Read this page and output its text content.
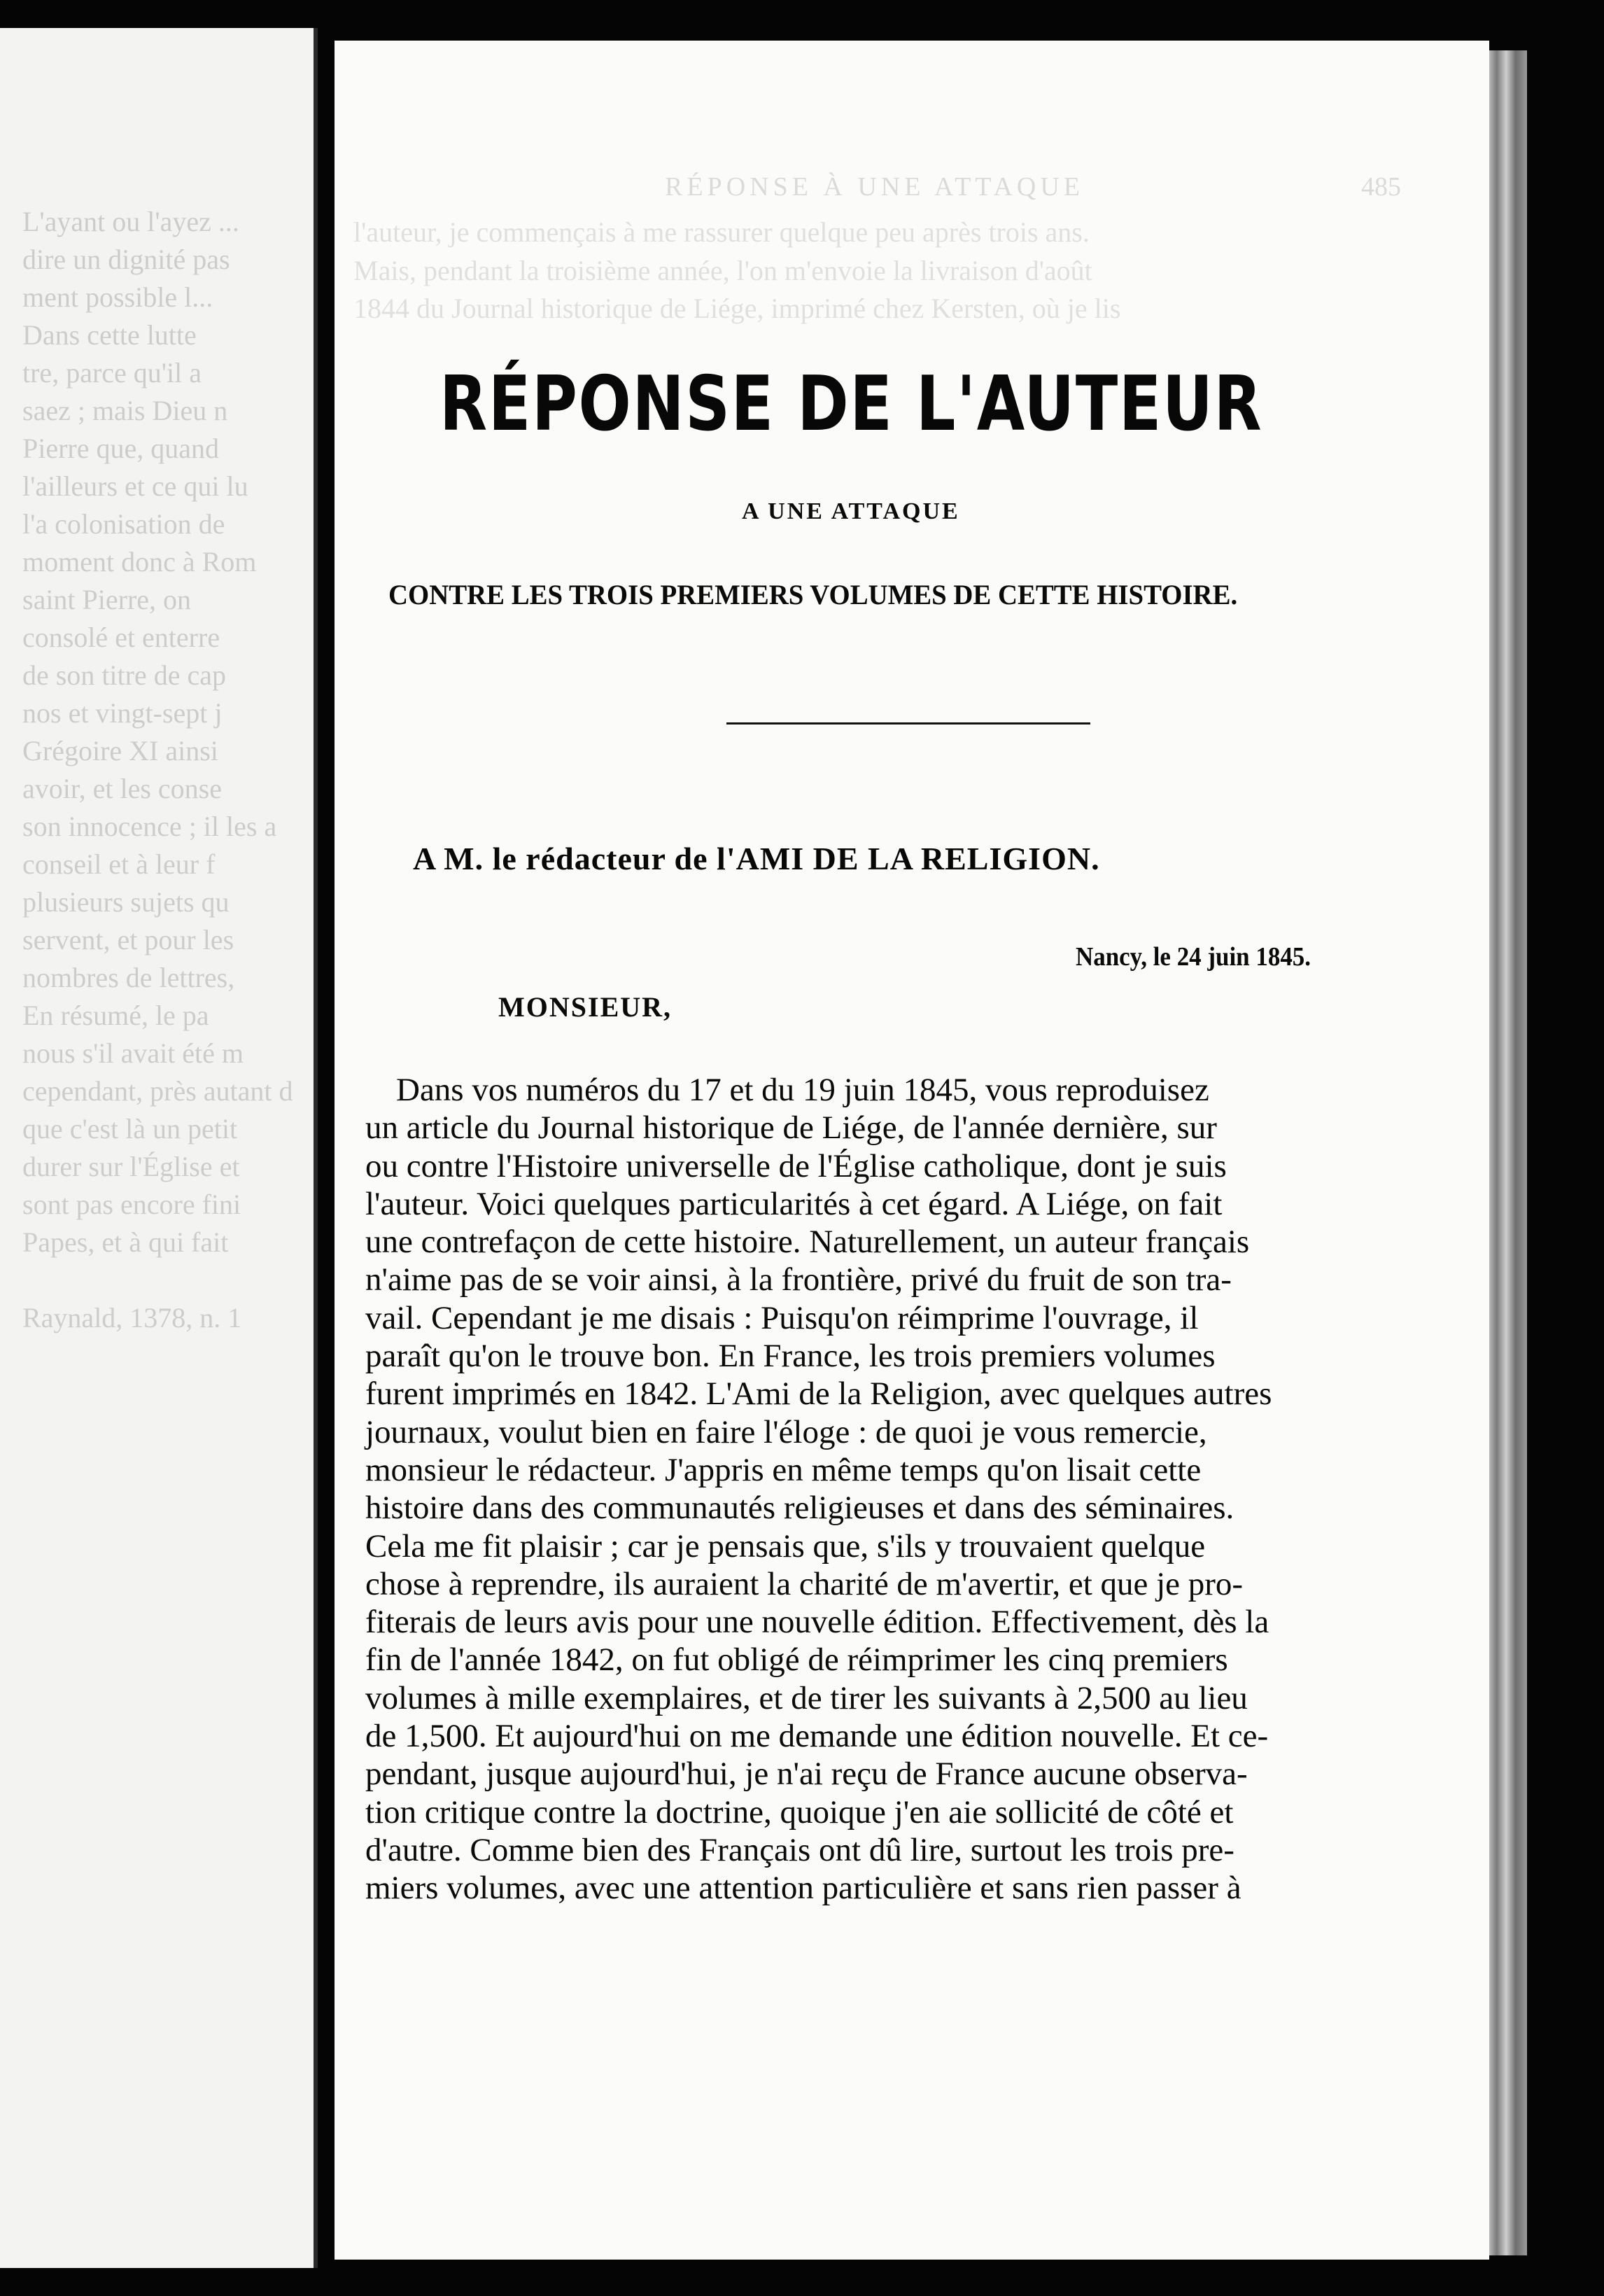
L'ayant ou l'ayez ...
dire un dignité pas
ment possible l...
Dans cette lutte
tre, parce qu'il a
saez ; mais Dieu n
Pierre que, quand
l'ailleurs et ce qui lu
l'a colonisation de
moment donc à Rom
saint Pierre, on
consolé et enterre
de son titre de cap
nos et vingt-sept j
Grégoire XI ainsi
avoir, et les conse
son innocence ; il les a
conseil et à leur f
plusieurs sujets qu
servent, et pour les
nombres de lettres,
En résumé, le pa
nous s'il avait été m
cependant, près autant d
que c'est là un petit
durer sur l'Église et
sont pas encore fini
Papes, et à qui fait

Raynald, 1378, n. 1
RÉPONSE À UNE ATTAQUE	485
l'auteur, je commençais à me rassurer quelque peu après trois ans.
Mais, pendant la troisième année, l'on m'envoie la livraison d'août
1844 du Journal historique de Liége, imprimé chez Kersten, où je lis

RÉPONSE DE L'AUTEUR
A UNE ATTAQUE
CONTRE LES TROIS PREMIERS VOLUMES DE CETTE HISTOIRE.
A M. le rédacteur de l'AMI DE LA RELIGION.
Nancy, le 24 juin 1845.
MONSIEUR,
Dans vos numéros du 17 et du 19 juin 1845, vous reproduisez
un article du Journal historique de Liége, de l'année dernière, sur
ou contre l'Histoire universelle de l'Église catholique, dont je suis
l'auteur. Voici quelques particularités à cet égard. A Liége, on fait
une contrefaçon de cette histoire. Naturellement, un auteur français
n'aime pas de se voir ainsi, à la frontière, privé du fruit de son tra-
vail. Cependant je me disais : Puisqu'on réimprime l'ouvrage, il
paraît qu'on le trouve bon. En France, les trois premiers volumes
furent imprimés en 1842. L'Ami de la Religion, avec quelques autres
journaux, voulut bien en faire l'éloge : de quoi je vous remercie,
monsieur le rédacteur. J'appris en même temps qu'on lisait cette
histoire dans des communautés religieuses et dans des séminaires.
Cela me fit plaisir ; car je pensais que, s'ils y trouvaient quelque
chose à reprendre, ils auraient la charité de m'avertir, et que je pro-
fiterais de leurs avis pour une nouvelle édition. Effectivement, dès la
fin de l'année 1842, on fut obligé de réimprimer les cinq premiers
volumes à mille exemplaires, et de tirer les suivants à 2,500 au lieu
de 1,500. Et aujourd'hui on me demande une édition nouvelle. Et ce-
pendant, jusque aujourd'hui, je n'ai reçu de France aucune observa-
tion critique contre la doctrine, quoique j'en aie sollicité de côté et
d'autre. Comme bien des Français ont dû lire, surtout les trois pre-
miers volumes, avec une attention particulière et sans rien passer à
